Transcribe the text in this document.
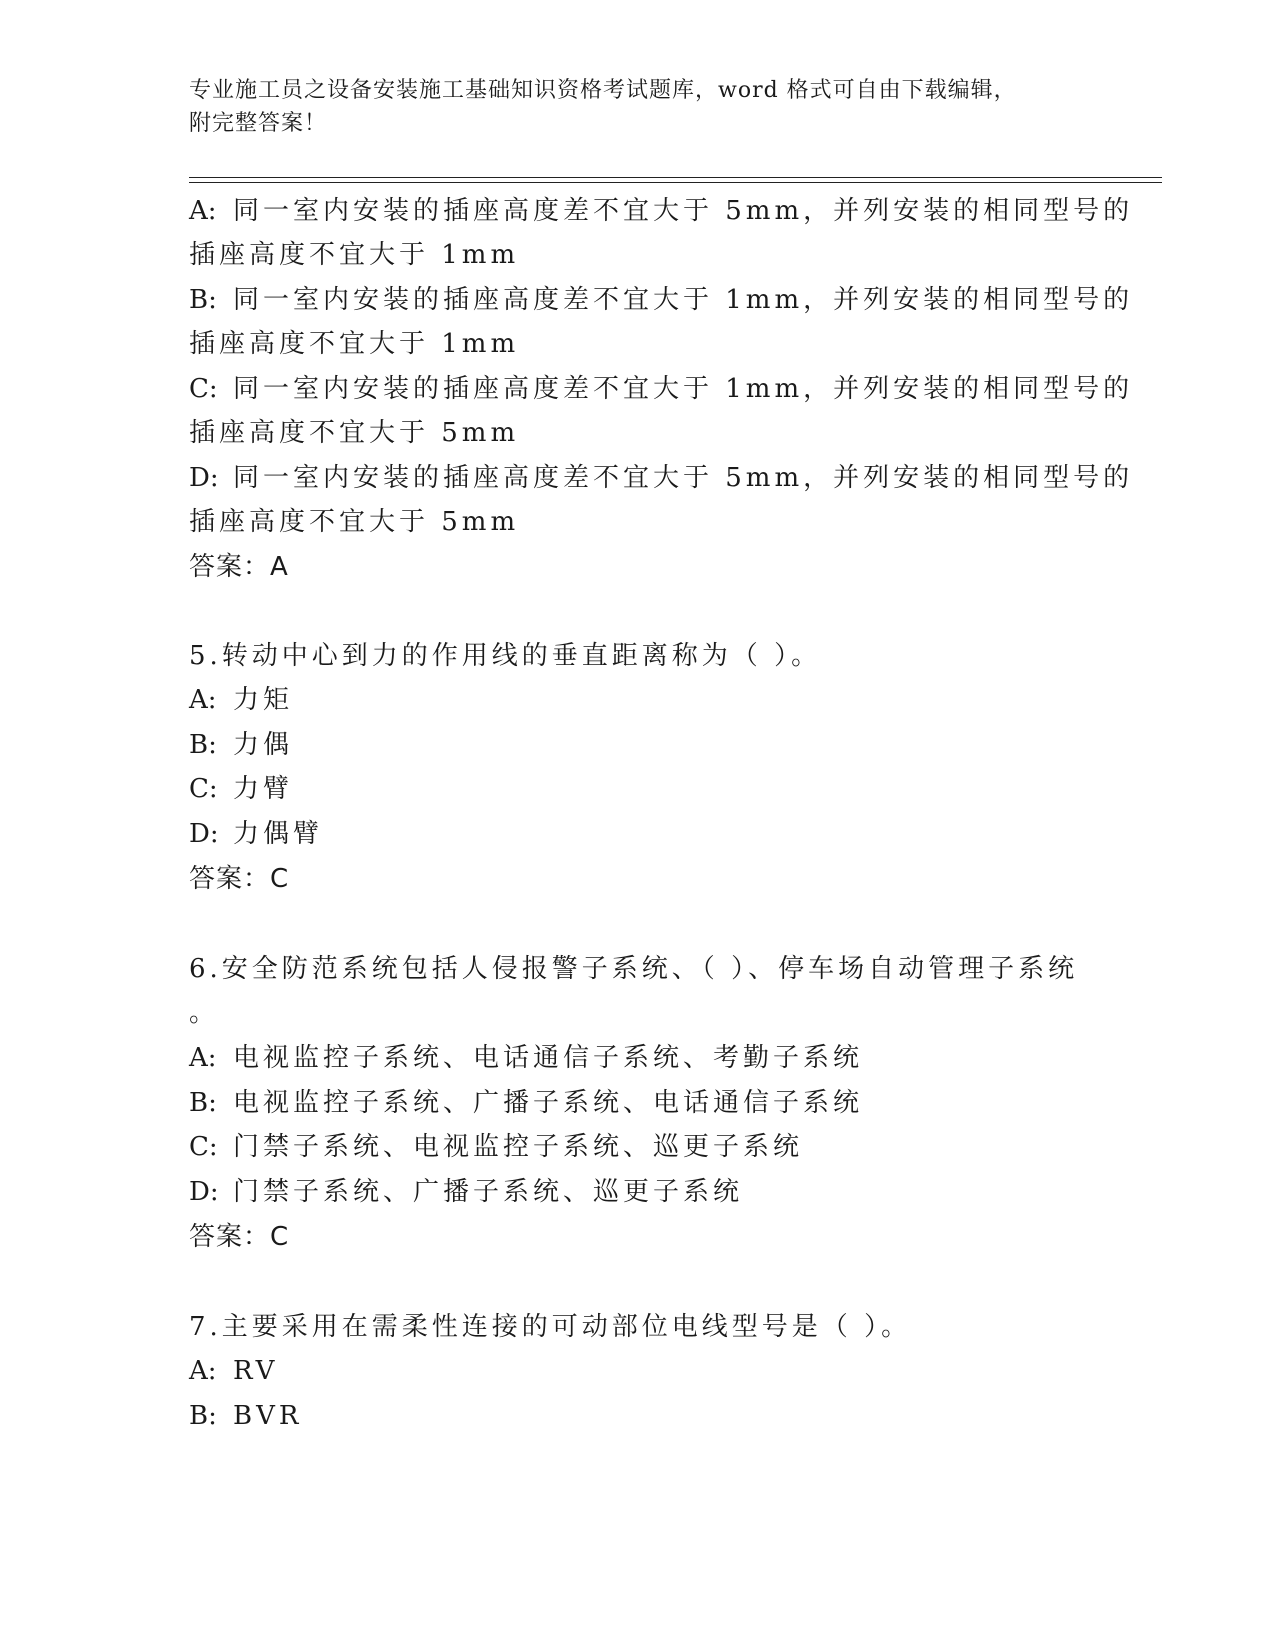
专业施工员之设备安装施工基础知识资格考试题库，word 格式可自由下载编辑，
附完整答案！
A: 同一室内安装的插座高度差不宜大于 5mm，并列安装的相同型号的
插座高度不宜大于 1mm
B: 同一室内安装的插座高度差不宜大于 1mm，并列安装的相同型号的
插座高度不宜大于 1mm
C: 同一室内安装的插座高度差不宜大于 1mm，并列安装的相同型号的
插座高度不宜大于 5mm
D: 同一室内安装的插座高度差不宜大于 5mm，并列安装的相同型号的
插座高度不宜大于 5mm
答案：A
5.转动中心到力的作用线的垂直距离称为（ ）。
A: 力矩
B: 力偶
C: 力臂
D: 力偶臂
答案：C
6.安全防范系统包括人侵报警子系统、（ ）、停车场自动管理子系统
。
A: 电视监控子系统、电话通信子系统、考勤子系统
B: 电视监控子系统、广播子系统、电话通信子系统
C: 门禁子系统、电视监控子系统、巡更子系统
D: 门禁子系统、广播子系统、巡更子系统
答案：C
7.主要采用在需柔性连接的可动部位电线型号是（ ）。
A: RV
B: BVR
